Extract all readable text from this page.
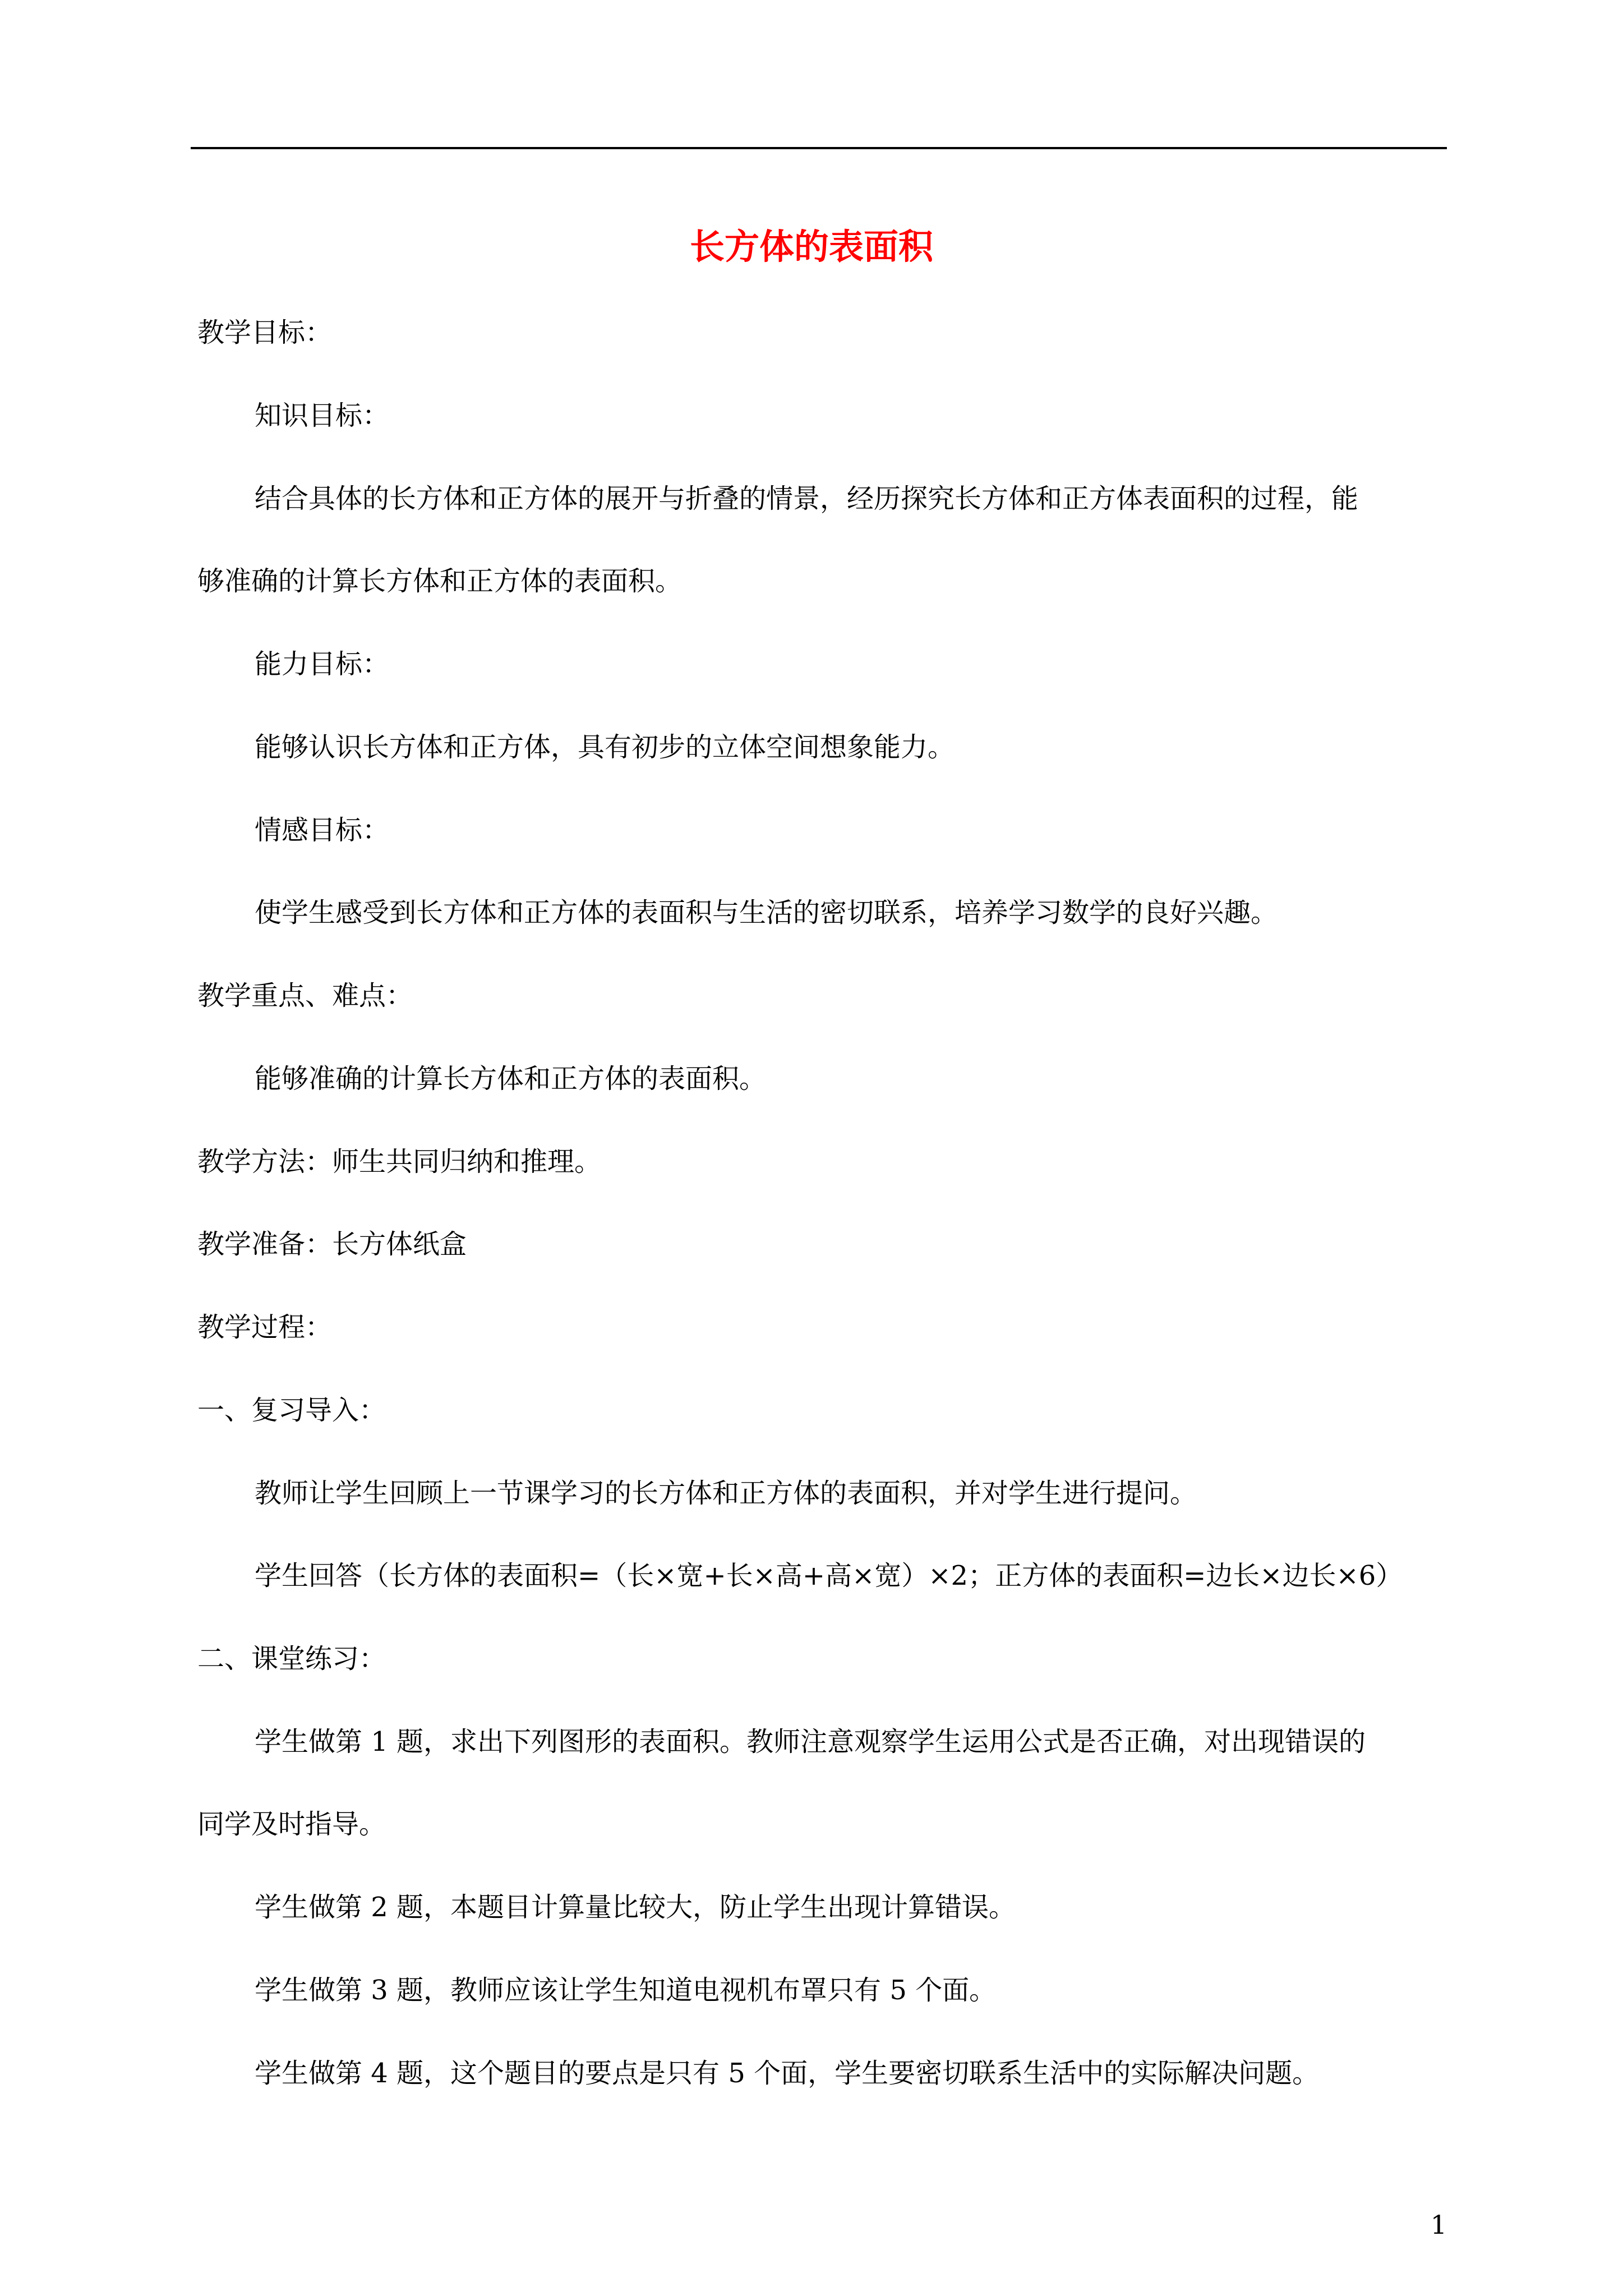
长方体的表面积
教学目标：
知识目标：
结合具体的长方体和正方体的展开与折叠的情景，经历探究长方体和正方体表面积的过程，能
够准确的计算长方体和正方体的表面积。
能力目标：
能够认识长方体和正方体，具有初步的立体空间想象能力。
情感目标：
使学生感受到长方体和正方体的表面积与生活的密切联系，培养学习数学的良好兴趣。
教学重点、难点：
能够准确的计算长方体和正方体的表面积。
教学方法：师生共同归纳和推理。
教学准备：长方体纸盒
教学过程：
一、复习导入：
教师让学生回顾上一节课学习的长方体和正方体的表面积，并对学生进行提问。
学生回答（长方体的表面积=（长×宽+长×高+高×宽）×2；正方体的表面积=边长×边长×6）
二、课堂练习：
学生做第 1 题，求出下列图形的表面积。教师注意观察学生运用公式是否正确，对出现错误的
同学及时指导。
学生做第 2 题，本题目计算量比较大，防止学生出现计算错误。
学生做第 3 题，教师应该让学生知道电视机布罩只有 5 个面。
学生做第 4 题，这个题目的要点是只有 5 个面，学生要密切联系生活中的实际解决问题。
1
